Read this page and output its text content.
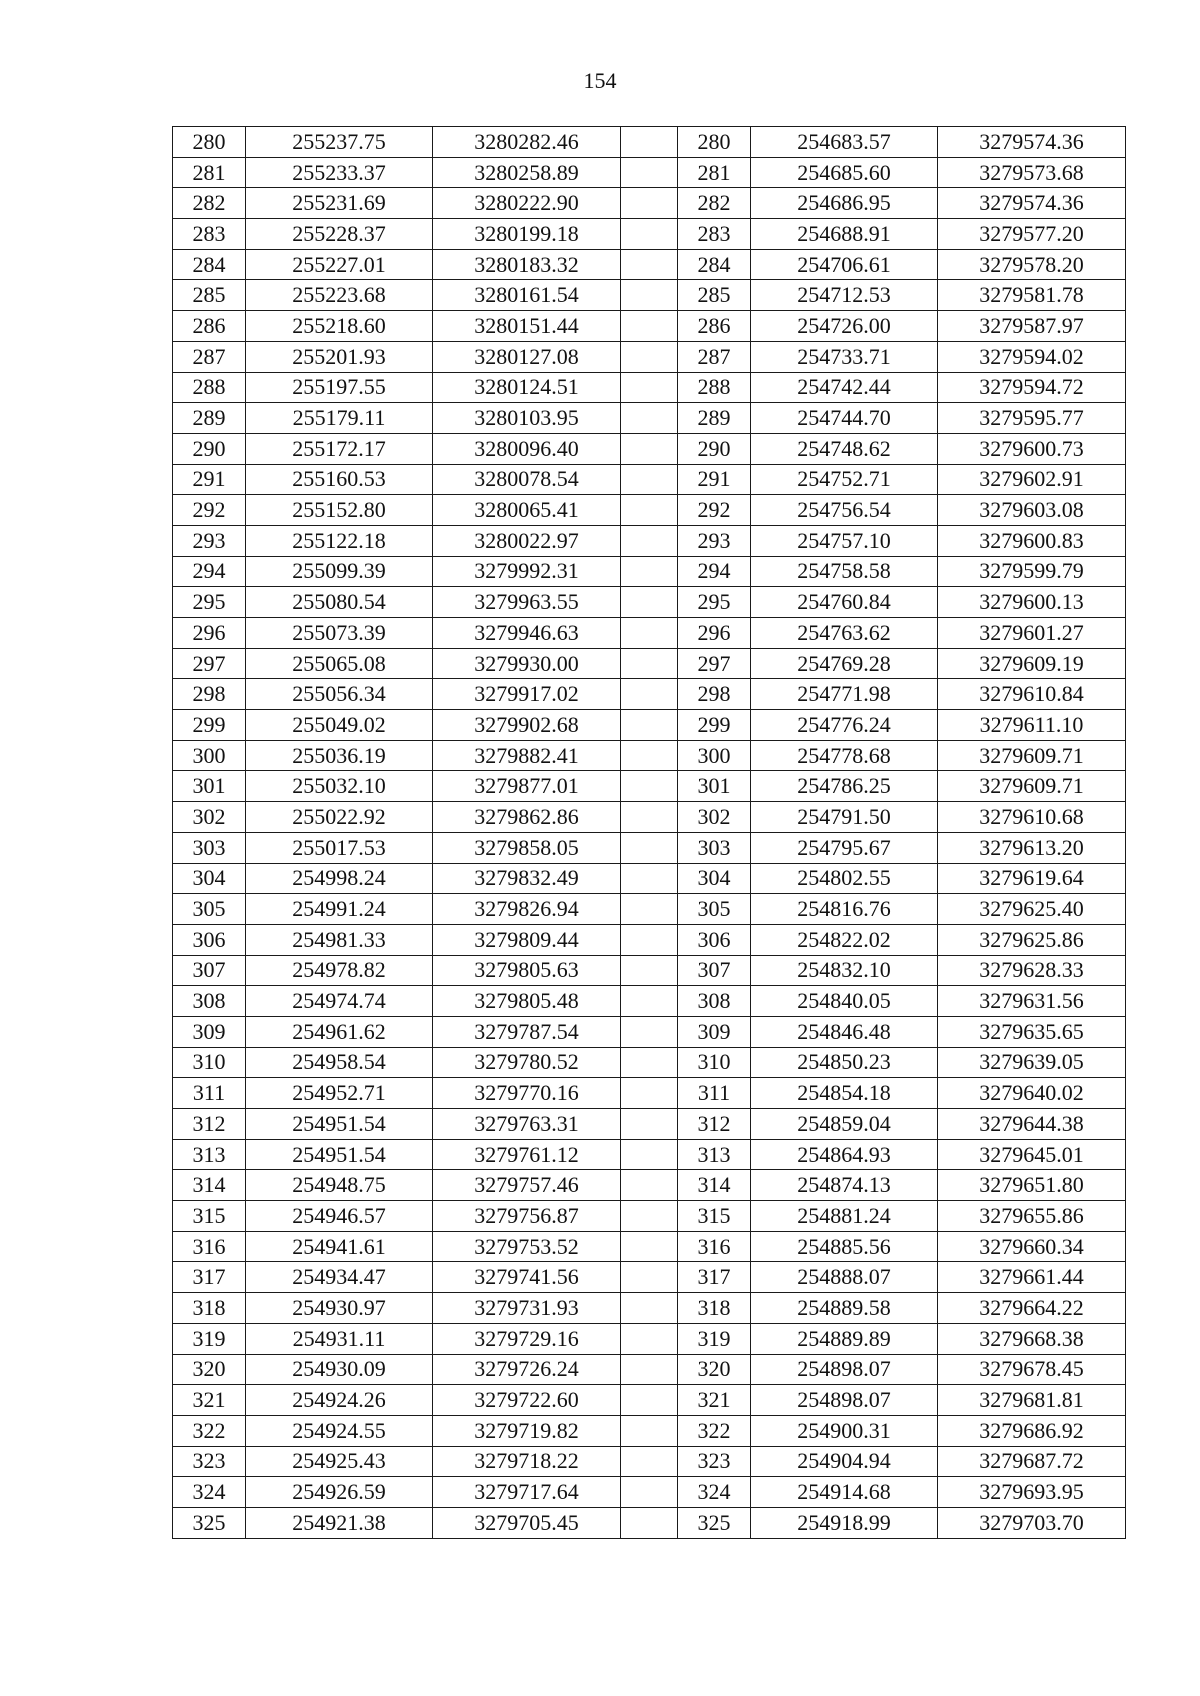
154
280	255237.75	3280282.46		280	254683.57	3279574.36
281	255233.37	3280258.89		281	254685.60	3279573.68
282	255231.69	3280222.90		282	254686.95	3279574.36
283	255228.37	3280199.18		283	254688.91	3279577.20
284	255227.01	3280183.32		284	254706.61	3279578.20
285	255223.68	3280161.54		285	254712.53	3279581.78
286	255218.60	3280151.44		286	254726.00	3279587.97
287	255201.93	3280127.08		287	254733.71	3279594.02
288	255197.55	3280124.51		288	254742.44	3279594.72
289	255179.11	3280103.95		289	254744.70	3279595.77
290	255172.17	3280096.40		290	254748.62	3279600.73
291	255160.53	3280078.54		291	254752.71	3279602.91
292	255152.80	3280065.41		292	254756.54	3279603.08
293	255122.18	3280022.97		293	254757.10	3279600.83
294	255099.39	3279992.31		294	254758.58	3279599.79
295	255080.54	3279963.55		295	254760.84	3279600.13
296	255073.39	3279946.63		296	254763.62	3279601.27
297	255065.08	3279930.00		297	254769.28	3279609.19
298	255056.34	3279917.02		298	254771.98	3279610.84
299	255049.02	3279902.68		299	254776.24	3279611.10
300	255036.19	3279882.41		300	254778.68	3279609.71
301	255032.10	3279877.01		301	254786.25	3279609.71
302	255022.92	3279862.86		302	254791.50	3279610.68
303	255017.53	3279858.05		303	254795.67	3279613.20
304	254998.24	3279832.49		304	254802.55	3279619.64
305	254991.24	3279826.94		305	254816.76	3279625.40
306	254981.33	3279809.44		306	254822.02	3279625.86
307	254978.82	3279805.63		307	254832.10	3279628.33
308	254974.74	3279805.48		308	254840.05	3279631.56
309	254961.62	3279787.54		309	254846.48	3279635.65
310	254958.54	3279780.52		310	254850.23	3279639.05
311	254952.71	3279770.16		311	254854.18	3279640.02
312	254951.54	3279763.31		312	254859.04	3279644.38
313	254951.54	3279761.12		313	254864.93	3279645.01
314	254948.75	3279757.46		314	254874.13	3279651.80
315	254946.57	3279756.87		315	254881.24	3279655.86
316	254941.61	3279753.52		316	254885.56	3279660.34
317	254934.47	3279741.56		317	254888.07	3279661.44
318	254930.97	3279731.93		318	254889.58	3279664.22
319	254931.11	3279729.16		319	254889.89	3279668.38
320	254930.09	3279726.24		320	254898.07	3279678.45
321	254924.26	3279722.60		321	254898.07	3279681.81
322	254924.55	3279719.82		322	254900.31	3279686.92
323	254925.43	3279718.22		323	254904.94	3279687.72
324	254926.59	3279717.64		324	254914.68	3279693.95
325	254921.38	3279705.45		325	254918.99	3279703.70
